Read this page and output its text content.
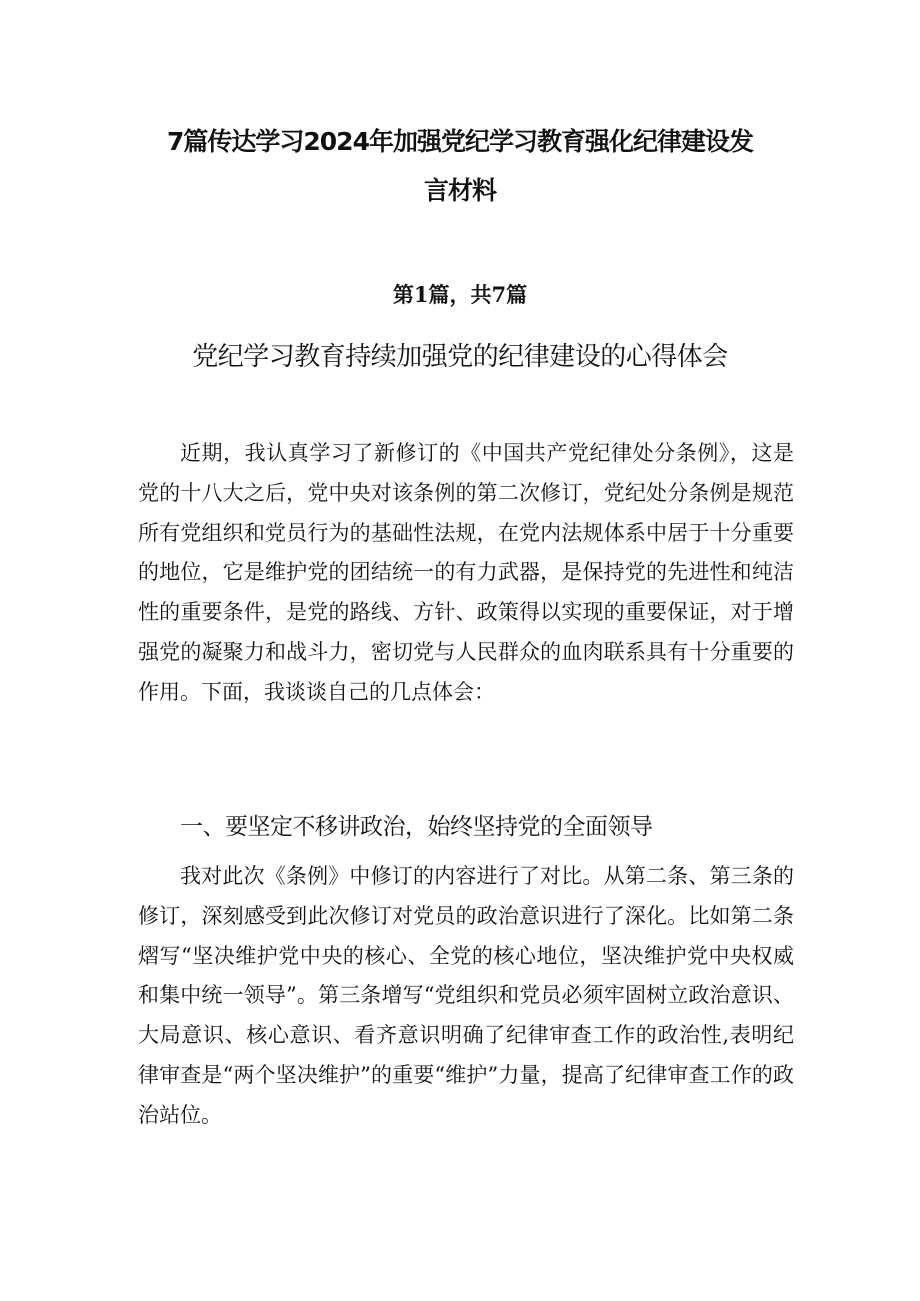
7篇传达学习2024年加强党纪学习教育强化纪律建设发言材料
第1篇，共7篇
党纪学习教育持续加强党的纪律建设的心得体会

近期，我认真学习了新修订的《中国共产党纪律处分条例》，这是党的十八大之后，党中央对该条例的第二次修订，党纪处分条例是规范所有党组织和党员行为的基础性法规，在党内法规体系中居于十分重要的地位，它是维护党的团结统一的有力武器，是保持党的先进性和纯洁性的重要条件，是党的路线、方针、政策得以实现的重要保证，对于增强党的凝聚力和战斗力，密切党与人民群众的血肉联系具有十分重要的作用。下面，我谈谈自己的几点体会：

一、要坚定不移讲政治，始终坚持党的全面领导

我对此次《条例》中修订的内容进行了对比。从第二条、第三条的修订，深刻感受到此次修订对党员的政治意识进行了深化。比如第二条熠写“坚决维护党中央的核心、全党的核心地位，坚决维护党中央权威和集中统一领导”。第三条增写“党组织和党员必须牢固树立政治意识、大局意识、核心意识、看齐意识明确了纪律审查工作的政治性,表明纪律审查是“两个坚决维护”的重要“维护”力量，提高了纪律审查工作的政治站位。
